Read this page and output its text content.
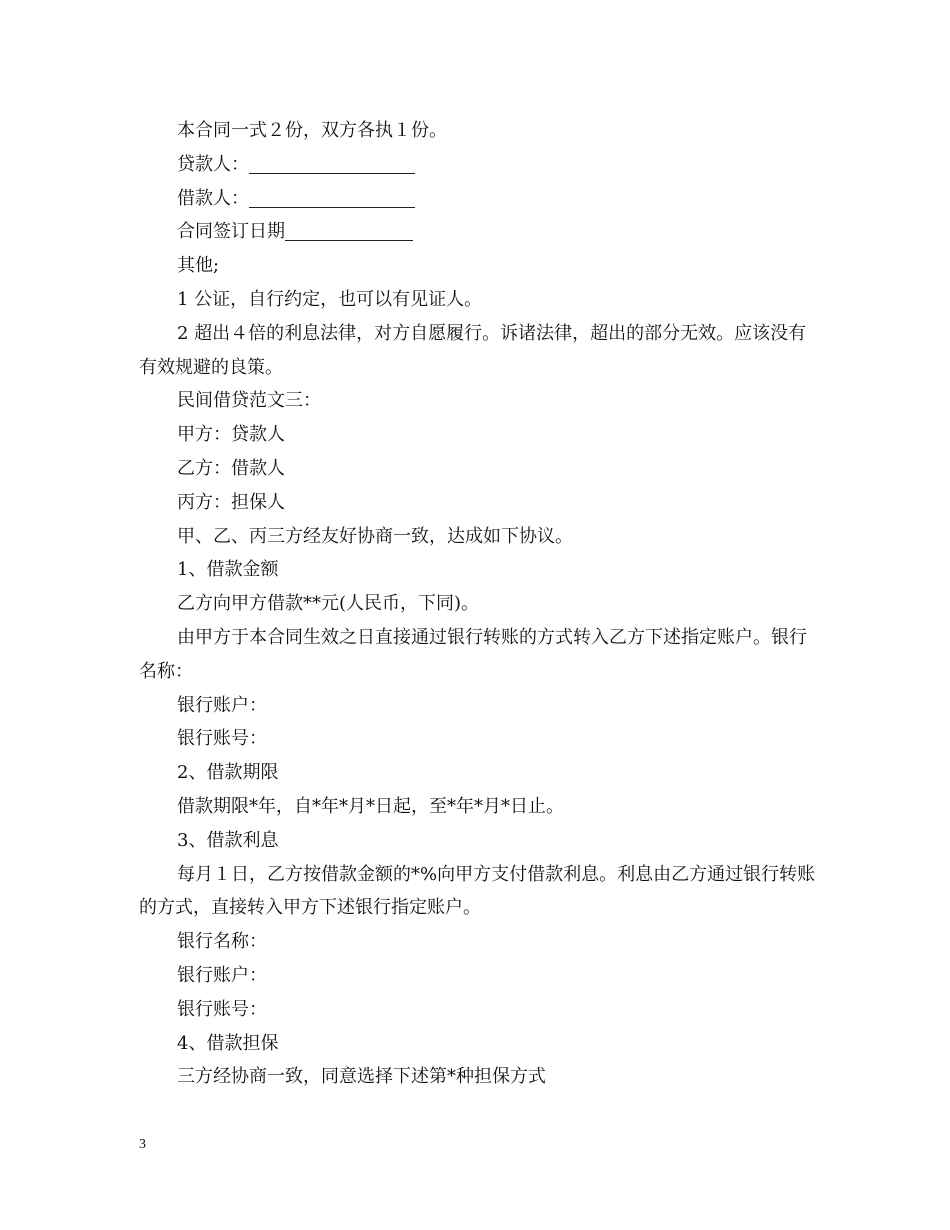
本合同一式２份，双方各执１份。

贷款人：

借款人：

合同签订日期

其他;

1 公证，自行约定，也可以有见证人。

2 超出４倍的利息法律，对方自愿履行。诉诸法律，超出的部分无效。应该没有有效规避的良策。

民间借贷范文三：

甲方：贷款人

乙方：借款人

丙方：担保人

甲、乙、丙三方经友好协商一致，达成如下协议。

1、借款金额

乙方向甲方借款**元(人民币，下同)。

由甲方于本合同生效之日直接通过银行转账的方式转入乙方下述指定账户。银行名称：

银行账户：

银行账号：

2、借款期限

借款期限*年，自*年*月*日起，至*年*月*日止。

3、借款利息

每月１日，乙方按借款金额的*%向甲方支付借款利息。利息由乙方通过银行转账的方式，直接转入甲方下述银行指定账户。

银行名称：

银行账户：

银行账号：

4、借款担保

三方经协商一致，同意选择下述第*种担保方式

3
